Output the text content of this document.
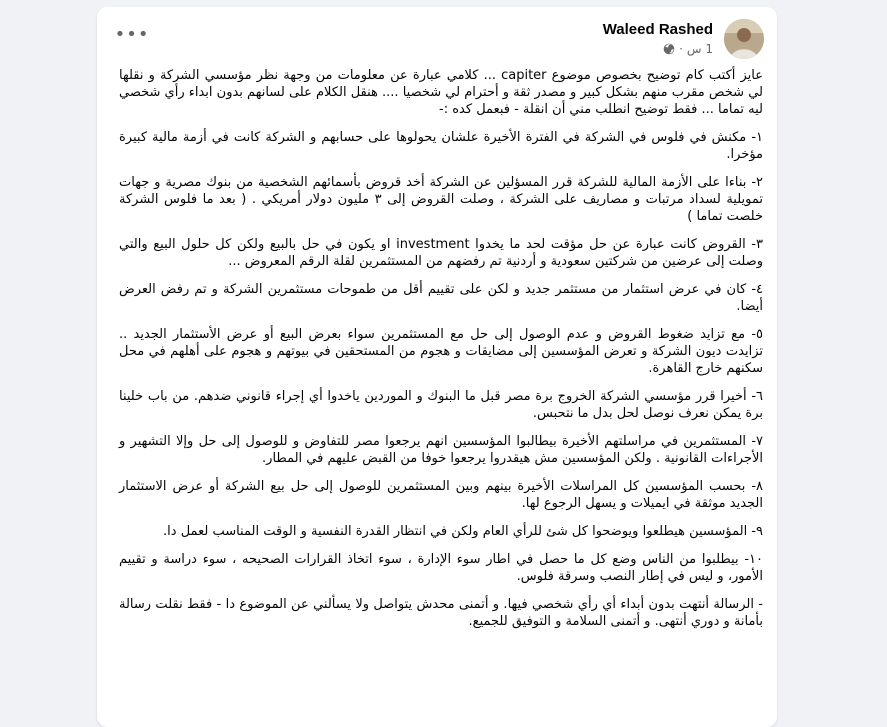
Waleed Rashed
1 س
·
•••

عايز أكتب كام توضيح بخصوص موضوع capiter ... كلامي عبارة عن معلومات من وجهة نظر مؤسسي الشركة و نقلها لي شخص مقرب منهم بشكل كبير و مصدر ثقة و أحترام لي شخصيا .... هنقل الكلام على لسانهم بدون ابداء رأي شخصي ليه تماما ... فقط توضيح انطلب مني أن انقلة - فبعمل كده :-

١- مكنش في فلوس في الشركة في الفترة الأخيرة علشان يحولوها على حسابهم و الشركة كانت في أزمة مالية كبيرة مؤخرا.

٢- بناءا على الأزمة المالية للشركة قرر المسؤلين عن الشركة أخد قروض بأسمائهم الشخصية من بنوك مصرية و جهات تمويلية لسداد مرتبات و مصاريف على الشركة ، وصلت القروض إلى ٣ مليون دولار أمريكي . ( بعد ما فلوس الشركة خلصت تماما )

٣- القروض كانت عبارة عن حل مؤقت لحد ما يخدوا investment او يكون في حل بالبيع ولكن كل حلول البيع والتي وصلت إلى عرضين من شركتين سعودية و أردنية تم رفضهم من المستثمرين لقلة الرقم المعروض ...

٤- كان في عرض استثمار من مستثمر جديد و لكن على تقييم أقل من طموحات مستثمرين الشركة و تم رفض العرض أيضا.

٥- مع تزايد ضغوط القروض و عدم الوصول إلى حل مع المستثمرين سواء بعرض البيع أو عرض الأستثمار الجديد .. تزايدت ديون الشركة و تعرض المؤسسين إلى مضايقات و هجوم من المستحقين في بيوتهم و هجوم على أهلهم في محل سكنهم خارج القاهرة.

٦- أخيرا قرر مؤسسي الشركة الخروج برة مصر قبل ما البنوك و الموردين ياخدوا أي إجراء قانوني ضدهم. من باب خلينا برة يمكن نعرف نوصل لحل بدل ما نتحبس.

٧- المستثمرين في مراسلتهم الأخيرة بيطالبوا المؤسسين انهم يرجعوا مصر للتفاوض و للوصول إلى حل وإلا التشهير و الأجراءات القانونية . ولكن المؤسسين مش هيقدروا يرجعوا خوفا من القبض عليهم في المطار.

٨- بحسب المؤسسين كل المراسلات الأخيرة بينهم وبين المستثمرين للوصول إلى حل بيع الشركة أو عرض الاستثمار الجديد موثقة في ايميلات و يسهل الرجوع لها.

٩- المؤسسين هيطلعوا ويوضحوا كل شئ للرأي العام ولكن في انتظار القدرة النفسية و الوقت المناسب لعمل دا.

١٠- بيطلبوا من الناس وضع كل ما حصل في اطار سوء الإدارة ، سوء اتخاذ القرارات الصحيحه ، سوء دراسة و تقييم الأمور، و ليس في إطار النصب وسرقة فلوس.

- الرسالة أنتهت بدون أبداء أي رأي شخصي فيها. و أتمنى محدش يتواصل ولا يسألني عن الموضوع دا - فقط نقلت رسالة بأمانة و دوري أنتهى. و أتمنى السلامة و التوفيق للجميع.
